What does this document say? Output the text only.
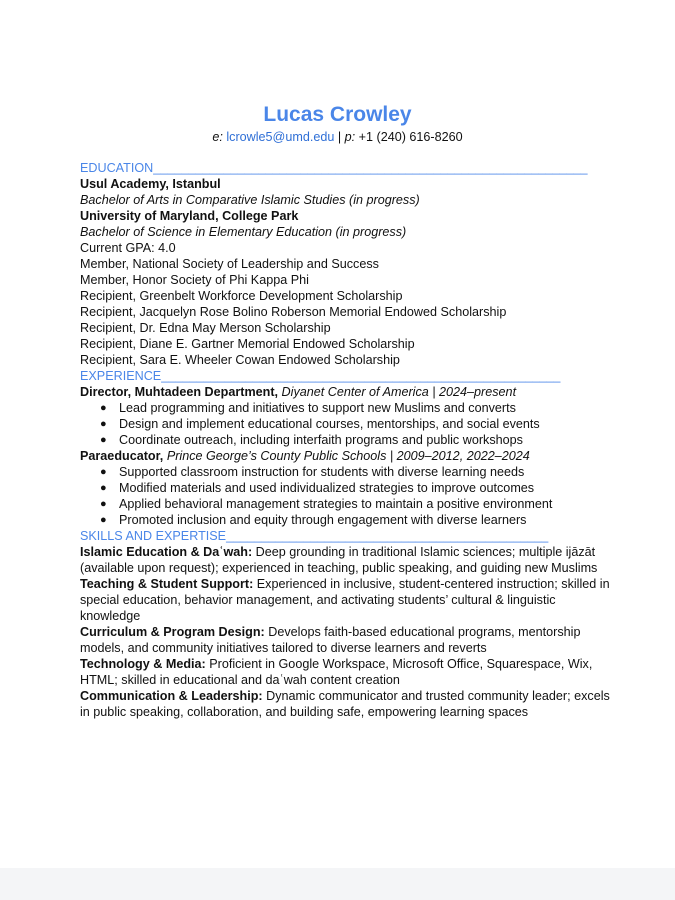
Lucas Crowley
e: lcrowle5@umd.edu | p: +1 (240) 616-8260
EDUCATION______________________________________________________________
Usul Academy, Istanbul
Bachelor of Arts in Comparative Islamic Studies (in progress)
University of Maryland, College Park
Bachelor of Science in Elementary Education (in progress)
Current GPA: 4.0
Member, National Society of Leadership and Success
Member, Honor Society of Phi Kappa Phi
Recipient, Greenbelt Workforce Development Scholarship
Recipient, Jacquelyn Rose Bolino Roberson Memorial Endowed Scholarship
Recipient, Dr. Edna May Merson Scholarship
Recipient, Diane E. Gartner Memorial Endowed Scholarship
Recipient, Sara E. Wheeler Cowan Endowed Scholarship
EXPERIENCE_________________________________________________________
Director, Muhtadeen Department, Diyanet Center of America | 2024–present
● Lead programming and initiatives to support new Muslims and converts
● Design and implement educational courses, mentorships, and social events
● Coordinate outreach, including interfaith programs and public workshops
Paraeducator, Prince George’s County Public Schools | 2009–2012, 2022–2024
● Supported classroom instruction for students with diverse learning needs
● Modified materials and used individualized strategies to improve outcomes
● Applied behavioral management strategies to maintain a positive environment
● Promoted inclusion and equity through engagement with diverse learners
SKILLS AND EXPERTISE______________________________________________
Islamic Education & Daʿwah: Deep grounding in traditional Islamic sciences; multiple ijāzāt
(available upon request); experienced in teaching, public speaking, and guiding new Muslims
Teaching & Student Support: Experienced in inclusive, student-centered instruction; skilled in
special education, behavior management, and activating students’ cultural & linguistic
knowledge
Curriculum & Program Design: Develops faith-based educational programs, mentorship
models, and community initiatives tailored to diverse learners and reverts
Technology & Media: Proficient in Google Workspace, Microsoft Office, Squarespace, Wix,
HTML; skilled in educational and daʿwah content creation
Communication & Leadership: Dynamic communicator and trusted community leader; excels
in public speaking, collaboration, and building safe, empowering learning spaces
